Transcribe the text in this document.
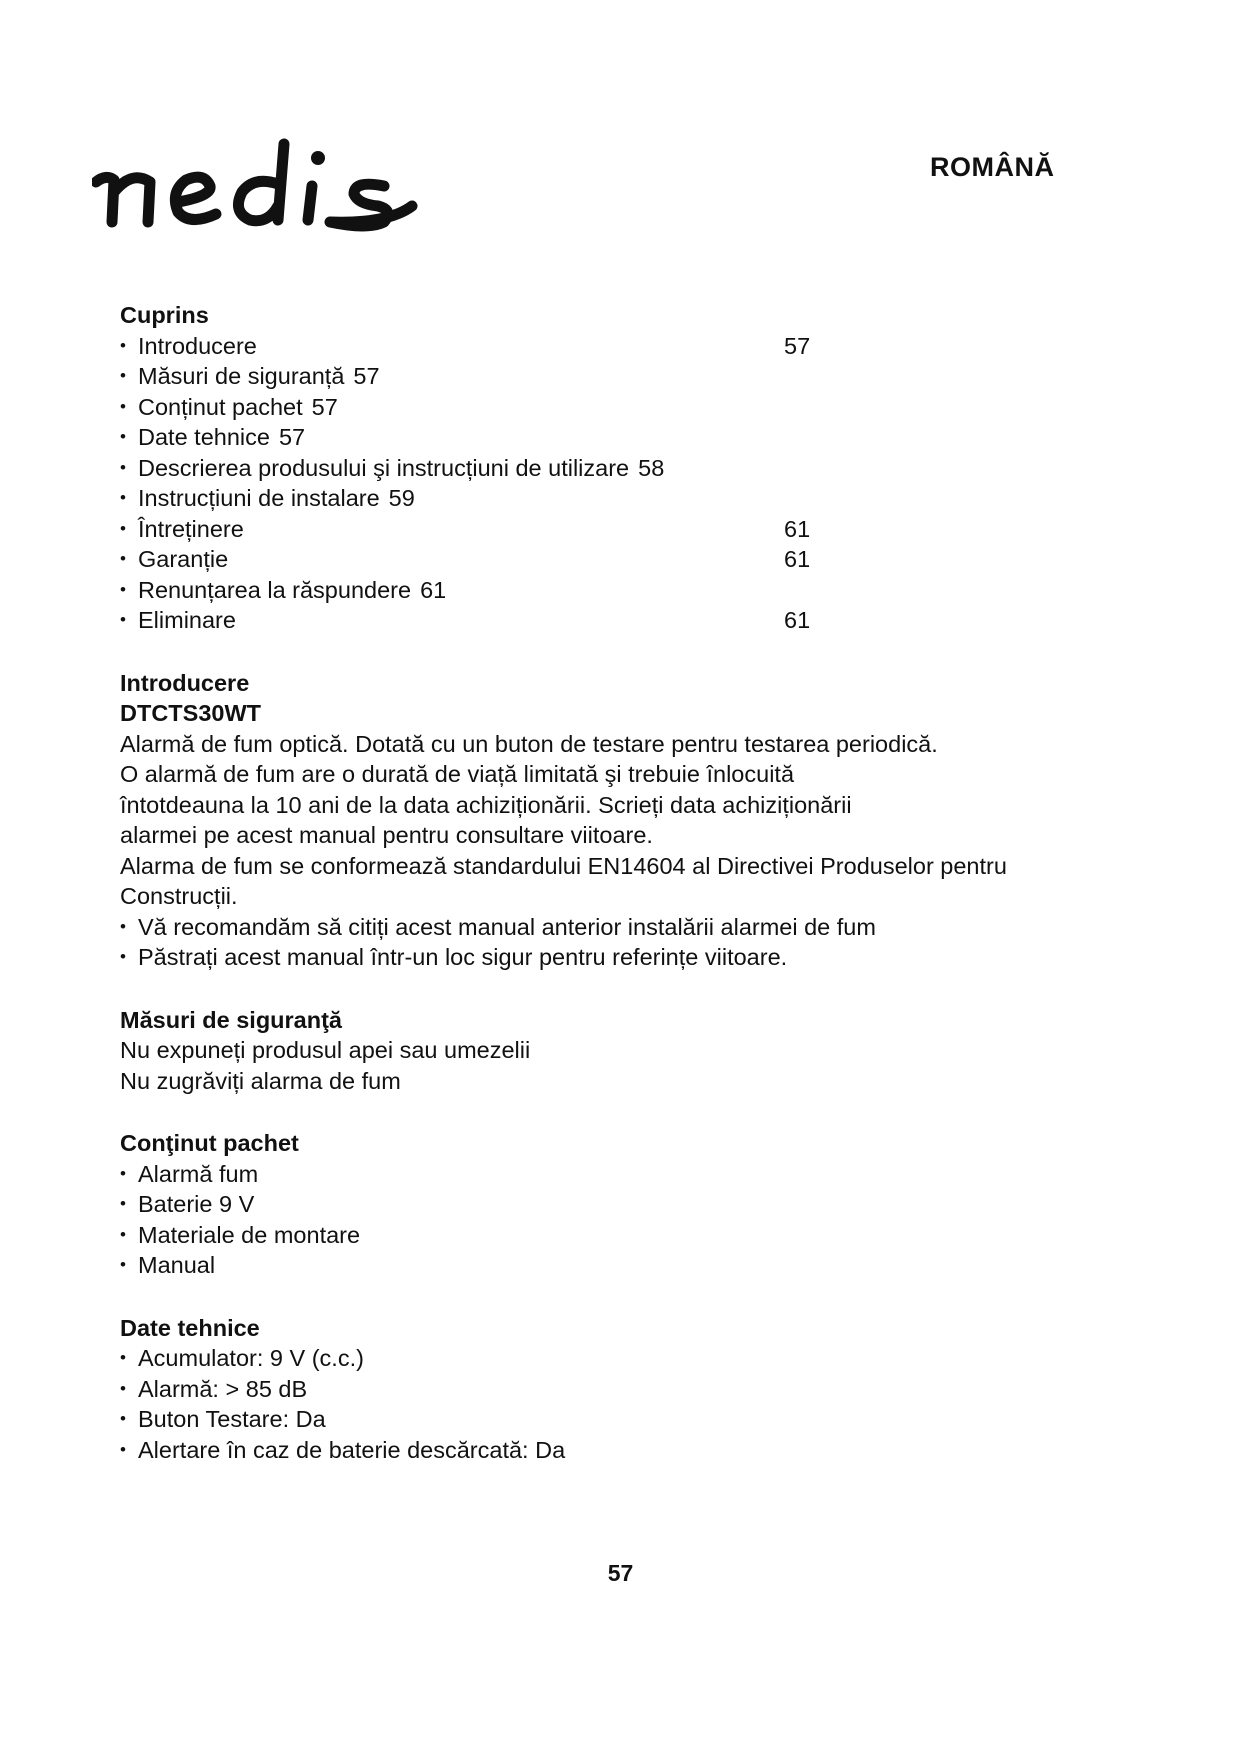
ROMÂNĂ
Cuprins
• Introducere	57
• Măsuri de siguranță 57
• Conținut pachet 57
• Date tehnice 57
• Descrierea produsului şi instrucțiuni de utilizare 58
• Instrucțiuni de instalare 59
• Întreținere	61
• Garanție	61
• Renunțarea la răspundere 61
• Eliminare	61
Introducere
DTCTS30WT
Alarmă de fum optică. Dotată cu un buton de testare pentru testarea periodică.
O alarmă de fum are o durată de viață limitată şi trebuie înlocuită întotdeauna la 10 ani de la data achiziționării. Scrieți data achiziționării alarmei pe acest manual pentru consultare viitoare.
Alarma de fum se conformează standardului EN14604 al Directivei Produselor pentru Construcții.
• Vă recomandăm să citiți acest manual anterior instalării alarmei de fum
• Păstrați acest manual într-un loc sigur pentru referințe viitoare.
Măsuri de siguranţă
Nu expuneți produsul apei sau umezelii
Nu zugrăviți alarma de fum
Conţinut pachet
• Alarmă fum
• Baterie 9 V
• Materiale de montare
• Manual
Date tehnice
• Acumulator: 9 V (c.c.)
• Alarmă: > 85 dB
• Buton Testare: Da
• Alertare în caz de baterie descărcată: Da
57
